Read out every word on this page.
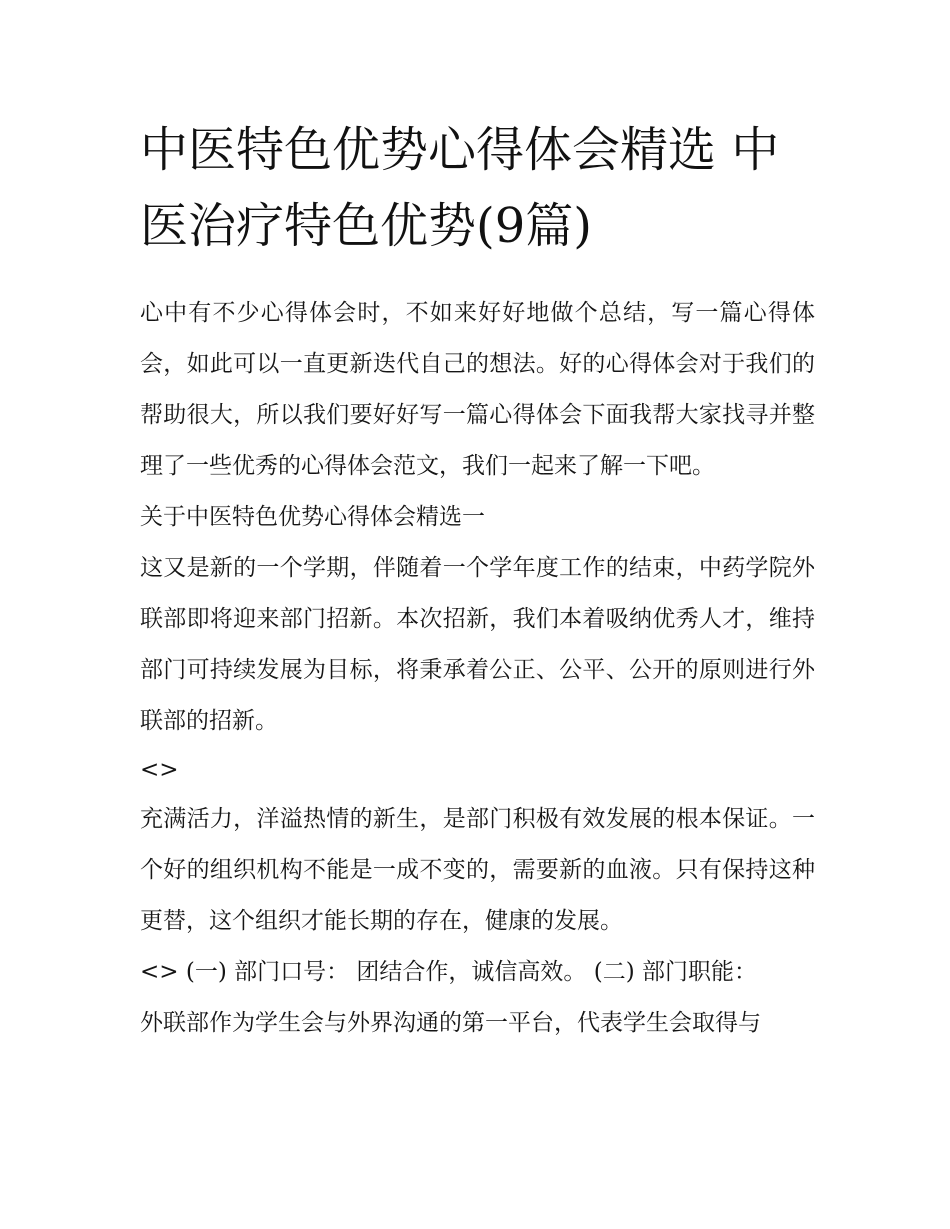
中医特色优势心得体会精选 中医治疗特色优势(9篇)

心中有不少心得体会时，不如来好好地做个总结，写一篇心得体会，如此可以一直更新迭代自己的想法。好的心得体会对于我们的帮助很大，所以我们要好好写一篇心得体会下面我帮大家找寻并整理了一些优秀的心得体会范文，我们一起来了解一下吧。

关于中医特色优势心得体会精选一

这又是新的一个学期，伴随着一个学年度工作的结束，中药学院外联部即将迎来部门招新。本次招新，我们本着吸纳优秀人才，维持部门可持续发展为目标，将秉承着公正、公平、公开的原则进行外联部的招新。

<>

充满活力，洋溢热情的新生，是部门积极有效发展的根本保证。一个好的组织机构不能是一成不变的，需要新的血液。只有保持这种更替，这个组织才能长期的存在，健康的发展。

<> (一) 部门口号： 团结合作，诚信高效。 (二) 部门职能：

外联部作为学生会与外界沟通的第一平台，代表学生会取得与
